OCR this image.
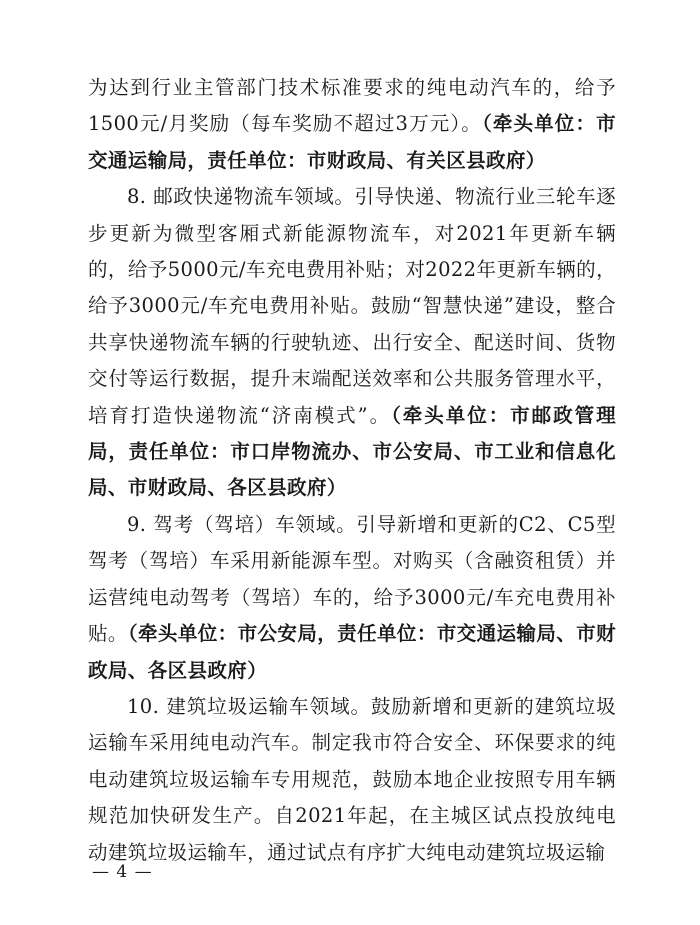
为达到行业主管部门技术标准要求的纯电动汽车的，给予1500元/月奖励（每车奖励不超过3万元）。（牵头单位：市交通运输局，责任单位：市财政局、有关区县政府）

8. 邮政快递物流车领域。引导快递、物流行业三轮车逐步更新为微型客厢式新能源物流车，对2021年更新车辆的，给予5000元/车充电费用补贴；对2022年更新车辆的，给予3000元/车充电费用补贴。鼓励“智慧快递”建设，整合共享快递物流车辆的行驶轨迹、出行安全、配送时间、货物交付等运行数据，提升末端配送效率和公共服务管理水平，培育打造快递物流“济南模式”。（牵头单位：市邮政管理局，责任单位：市口岸物流办、市公安局、市工业和信息化局、市财政局、各区县政府）

9. 驾考（驾培）车领域。引导新增和更新的C2、C5型驾考（驾培）车采用新能源车型。对购买（含融资租赁）并运营纯电动驾考（驾培）车的，给予3000元/车充电费用补贴。（牵头单位：市公安局，责任单位：市交通运输局、市财政局、各区县政府）

10. 建筑垃圾运输车领域。鼓励新增和更新的建筑垃圾运输车采用纯电动汽车。制定我市符合安全、环保要求的纯电动建筑垃圾运输车专用规范，鼓励本地企业按照专用车辆规范加快研发生产。自2021年起，在主城区试点投放纯电动建筑垃圾运输车，通过试点有序扩大纯电动建筑垃圾运输

— 4 —
